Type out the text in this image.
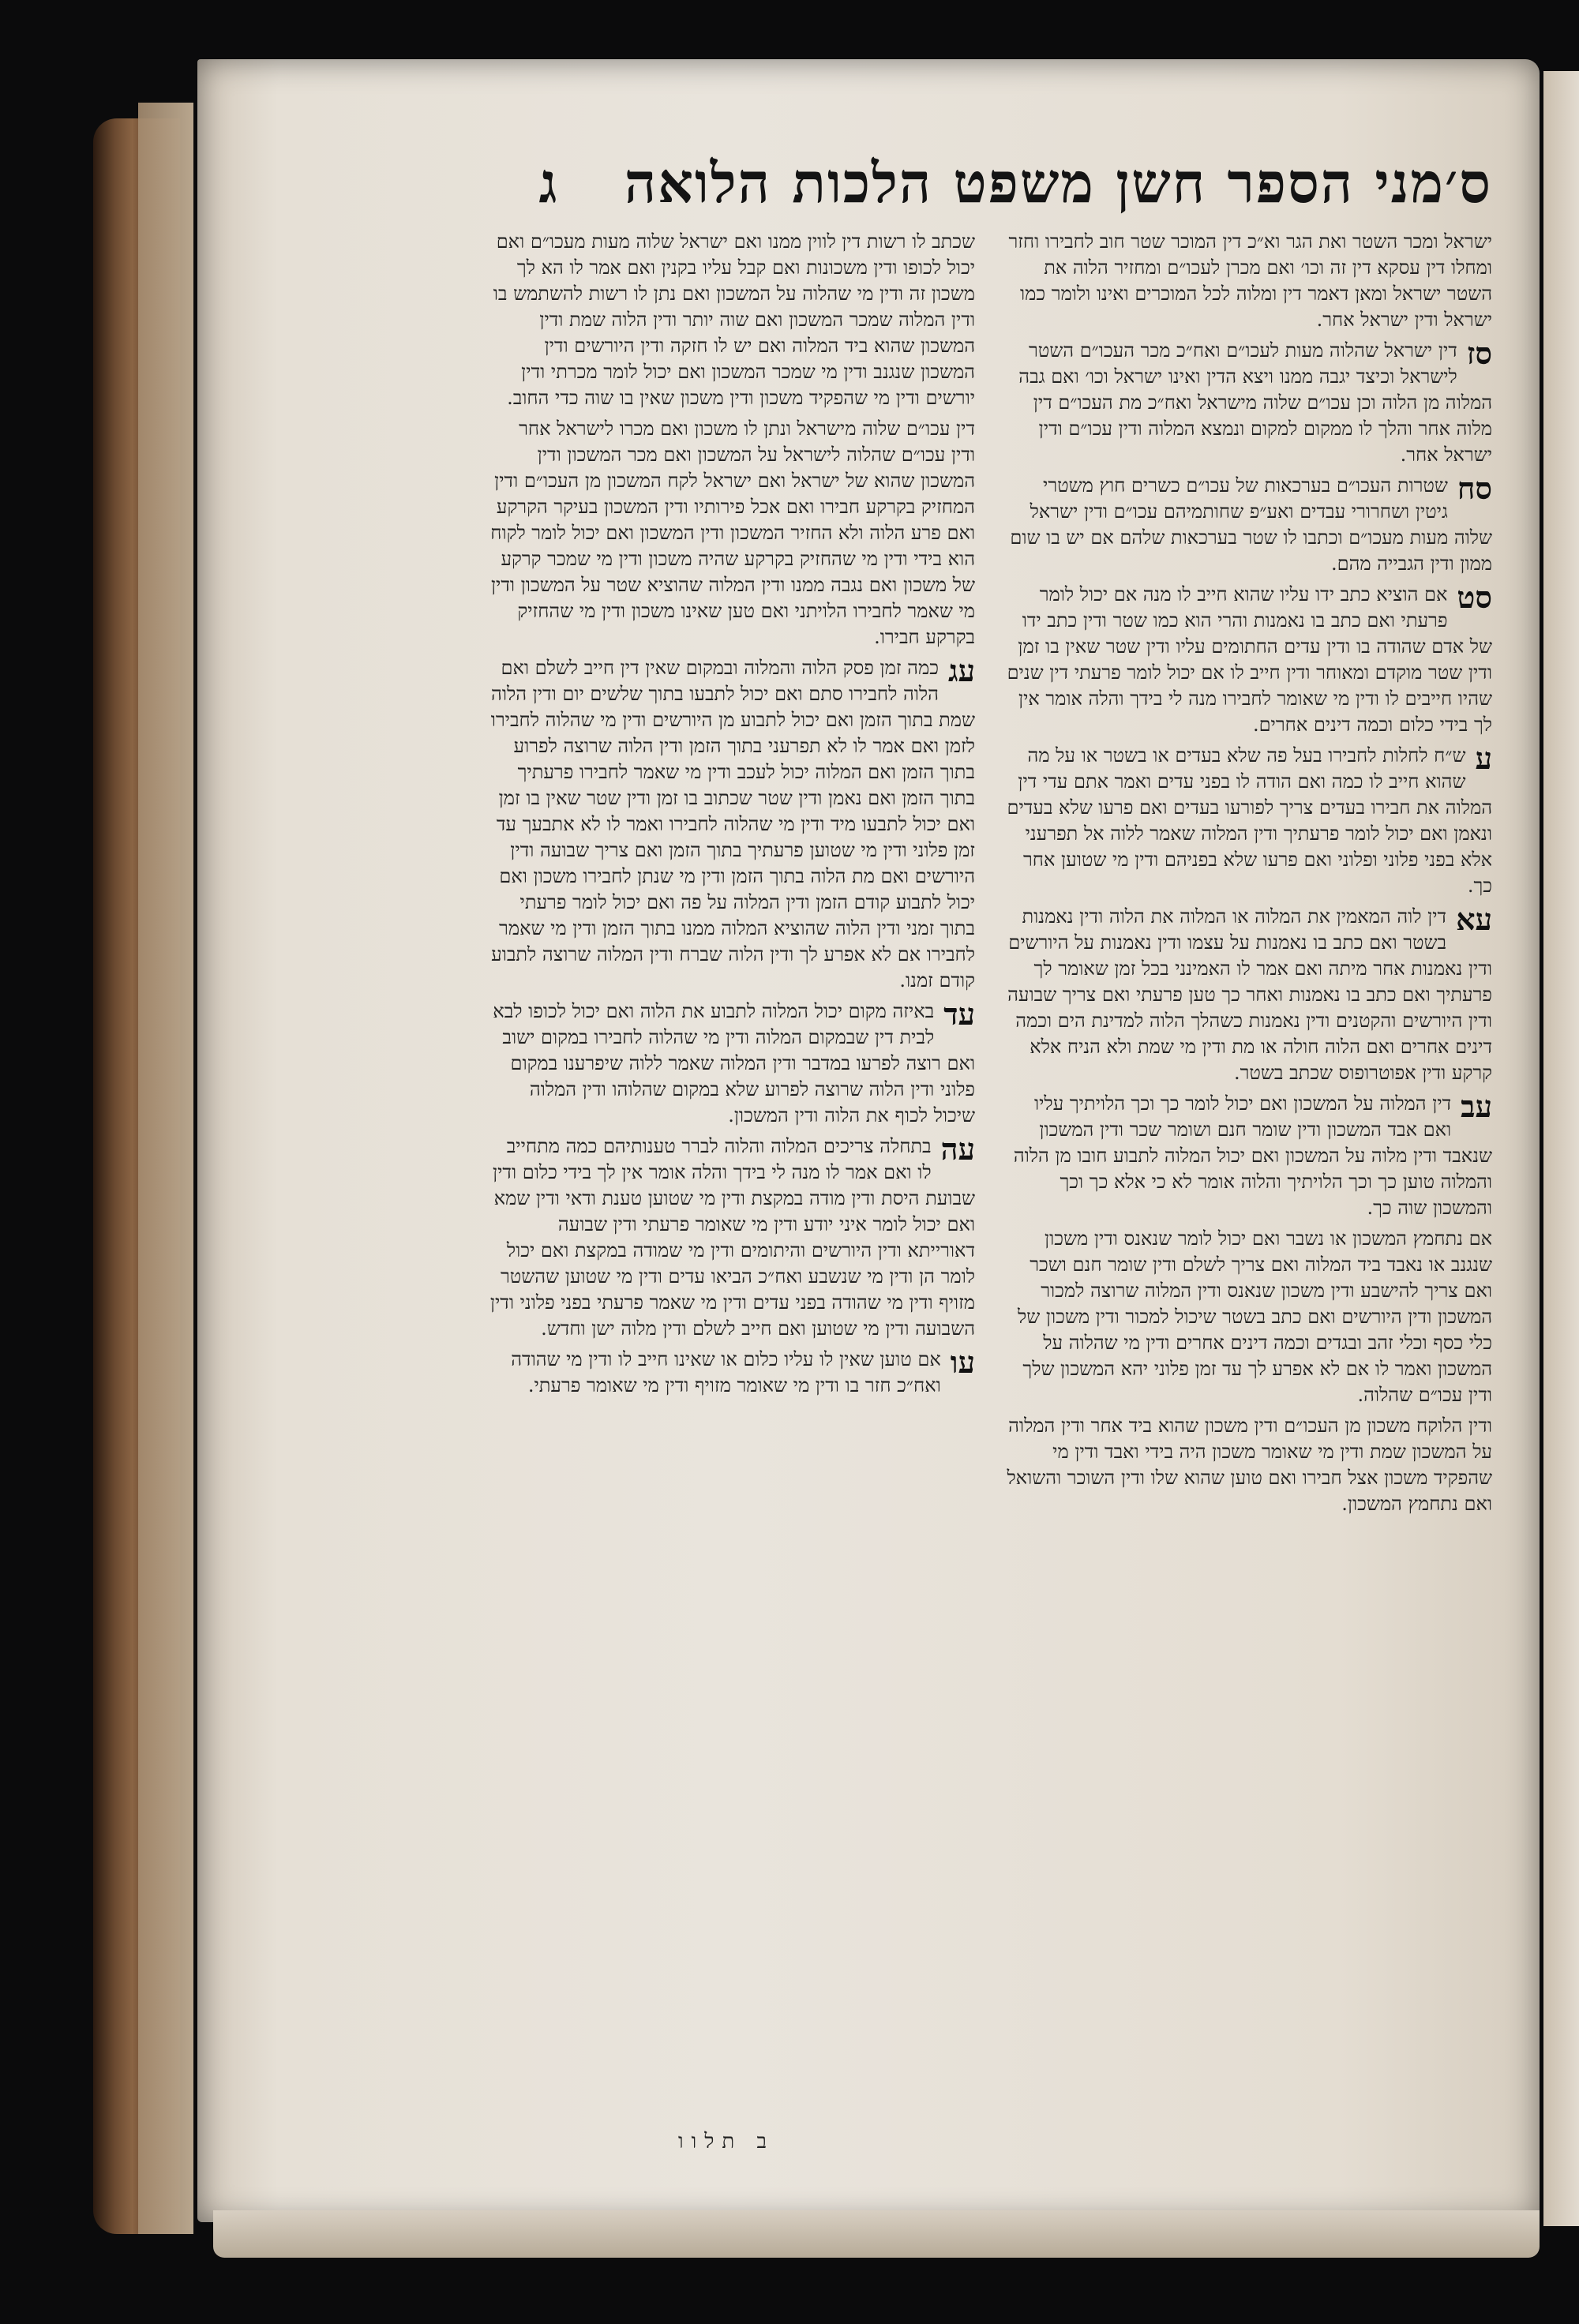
ג	ס׳מני הספר חשן משפט הלכות הלואה

ישראל ומכר השטר ואת הגר וא״כ דין המוכר שטר חוב לחבירו וחזר ומחלו דין עסקא דין זה וכו׳ ואם מכרן לעכו״ם ומחזיר הלוה את השטר ישראל ומאן דאמר דין ומלוה לכל המוכרים ואינו ולומר כמו ישראל ודין ישראל אחר.

סז

דין ישראל שהלוה מעות לעכו״ם ואח״כ מכר העכו״ם השטר לישראל וכיצד יגבה ממנו ויצא הדין ואינו ישראל וכו׳ ואם גבה המלוה מן הלוה וכן עכו״ם שלוה מישראל ואח״כ מת העכו״ם דין מלוה אחר והלך לו ממקום למקום ונמצא המלוה ודין עכו״ם ודין ישראל אחר.

סח

שטרות העכו״ם בערכאות של עכו״ם כשרים חוץ משטרי גיטין ושחרורי עבדים ואע״פ שחותמיהם עכו״ם ודין ישראל שלוה מעות מעכו״ם וכתבו לו שטר בערכאות שלהם אם יש בו שום ממון ודין הגבייה מהם.

סט

אם הוציא כתב ידו עליו שהוא חייב לו מנה אם יכול לומר פרעתי ואם כתב בו נאמנות והרי הוא כמו שטר ודין כתב ידו של אדם שהודה בו ודין עדים החתומים עליו ודין שטר שאין בו זמן ודין שטר מוקדם ומאוחר ודין חייב לו אם יכול לומר פרעתי דין שנים שהיו חייבים לו ודין מי שאומר לחבירו מנה לי בידך והלה אומר אין לך בידי כלום וכמה דינים אחרים.

ע

ש״ח לחלות לחבירו בעל פה שלא בעדים או בשטר או על מה שהוא חייב לו כמה ואם הודה לו בפני עדים ואמר אתם עדי דין המלוה את חבירו בעדים צריך לפורעו בעדים ואם פרעו שלא בעדים ונאמן ואם יכול לומר פרעתיך ודין המלוה שאמר ללוה אל תפרעני אלא בפני פלוני ופלוני ואם פרעו שלא בפניהם ודין מי שטוען אחר כך.

עא

דין לוה המאמין את המלוה או המלוה את הלוה ודין נאמנות בשטר ואם כתב בו נאמנות על עצמו ודין נאמנות על היורשים ודין נאמנות אחר מיתה ואם אמר לו האמינני בכל זמן שאומר לך פרעתיך ואם כתב בו נאמנות ואחר כך טען פרעתי ואם צריך שבועה ודין היורשים והקטנים ודין נאמנות כשהלך הלוה למדינת הים וכמה דינים אחרים ואם הלוה חולה או מת ודין מי שמת ולא הניח אלא קרקע ודין אפוטרופוס שכתב בשטר.

עב

דין המלוה על המשכון ואם יכול לומר כך וכך הלויתיך עליו ואם אבד המשכון ודין שומר חנם ושומר שכר ודין המשכון שנאבד ודין מלוה על המשכון ואם יכול המלוה לתבוע חובו מן הלוה והמלוה טוען כך וכך הלויתיך והלוה אומר לא כי אלא כך וכך והמשכון שוה כך.

אם נתחמץ המשכון או נשבר ואם יכול לומר שנאנס ודין משכון שנגנב או נאבד ביד המלוה ואם צריך לשלם ודין שומר חנם ושכר ואם צריך להישבע ודין משכון שנאנס ודין המלוה שרוצה למכור המשכון ודין היורשים ואם כתב בשטר שיכול למכור ודין משכון של כלי כסף וכלי זהב ובגדים וכמה דינים אחרים ודין מי שהלוה על המשכון ואמר לו אם לא אפרע לך עד זמן פלוני יהא המשכון שלך ודין עכו״ם שהלוה.

ודין הלוקח משכון מן העכו״ם ודין משכון שהוא ביד אחר ודין המלוה על המשכון שמת ודין מי שאומר משכון היה בידי ואבד ודין מי שהפקיד משכון אצל חבירו ואם טוען שהוא שלו ודין השוכר והשואל ואם נתחמץ המשכון.

שכתב לו רשות דין לווין ממנו ואם ישראל שלוה מעות מעכו״ם ואם יכול לכופו ודין משכונות ואם קבל עליו בקנין ואם אמר לו הא לך משכון זה ודין מי שהלוה על המשכון ואם נתן לו רשות להשתמש בו ודין המלוה שמכר המשכון ואם שוה יותר ודין הלוה שמת ודין המשכון שהוא ביד המלוה ואם יש לו חזקה ודין היורשים ודין המשכון שנגנב ודין מי שמכר המשכון ואם יכול לומר מכרתי ודין יורשים ודין מי שהפקיד משכון ודין משכון שאין בו שוה כדי החוב.

דין עכו״ם שלוה מישראל ונתן לו משכון ואם מכרו לישראל אחר ודין עכו״ם שהלוה לישראל על המשכון ואם מכר המשכון ודין המשכון שהוא של ישראל ואם ישראל לקח המשכון מן העכו״ם ודין המחזיק בקרקע חבירו ואם אכל פירותיו ודין המשכון בעיקר הקרקע ואם פרע הלוה ולא החזיר המשכון ודין המשכון ואם יכול לומר לקוח הוא בידי ודין מי שהחזיק בקרקע שהיה משכון ודין מי שמכר קרקע של משכון ואם נגבה ממנו ודין המלוה שהוציא שטר על המשכון ודין מי שאמר לחבירו הלויתני ואם טען שאינו משכון ודין מי שהחזיק בקרקע חבירו.

עג

כמה זמן פסק הלוה והמלוה ובמקום שאין דין חייב לשלם ואם הלוה לחבירו סתם ואם יכול לתבעו בתוך שלשים יום ודין הלוה שמת בתוך הזמן ואם יכול לתבוע מן היורשים ודין מי שהלוה לחבירו לזמן ואם אמר לו לא תפרעני בתוך הזמן ודין הלוה שרוצה לפרוע בתוך הזמן ואם המלוה יכול לעכב ודין מי שאמר לחבירו פרעתיך בתוך הזמן ואם נאמן ודין שטר שכתוב בו זמן ודין שטר שאין בו זמן ואם יכול לתבעו מיד ודין מי שהלוה לחבירו ואמר לו לא אתבעך עד זמן פלוני ודין מי שטוען פרעתיך בתוך הזמן ואם צריך שבועה ודין היורשים ואם מת הלוה בתוך הזמן ודין מי שנתן לחבירו משכון ואם יכול לתבוע קודם הזמן ודין המלוה על פה ואם יכול לומר פרעתי בתוך זמני ודין הלוה שהוציא המלוה ממנו בתוך הזמן ודין מי שאמר לחבירו אם לא אפרע לך ודין הלוה שברח ודין המלוה שרוצה לתבוע קודם זמנו.

עד

באיזה מקום יכול המלוה לתבוע את הלוה ואם יכול לכופו לבא לבית דין שבמקום המלוה ודין מי שהלוה לחבירו במקום ישוב ואם רוצה לפרעו במדבר ודין המלוה שאמר ללוה שיפרענו במקום פלוני ודין הלוה שרוצה לפרוע שלא במקום שהלוהו ודין המלוה שיכול לכוף את הלוה ודין המשכון.

עה

בתחלה צריכים המלוה והלוה לברר טענותיהם כמה מתחייב לו ואם אמר לו מנה לי בידך והלה אומר אין לך בידי כלום ודין שבועת היסת ודין מודה במקצת ודין מי שטוען טענת ודאי ודין שמא ואם יכול לומר איני יודע ודין מי שאומר פרעתי ודין שבועה דאורייתא ודין היורשים והיתומים ודין מי שמודה במקצת ואם יכול לומר הן ודין מי שנשבע ואח״כ הביאו עדים ודין מי שטוען שהשטר מזויף ודין מי שהודה בפני עדים ודין מי שאמר פרעתי בפני פלוני ודין השבועה ודין מי שטוען ואם חייב לשלם ודין מלוה ישן וחדש.

עו

אם טוען שאין לו עליו כלום או שאינו חייב לו ודין מי שהודה ואח״כ חזר בו ודין מי שאומר מזויף ודין מי שאומר פרעתי.

ב תלוו
